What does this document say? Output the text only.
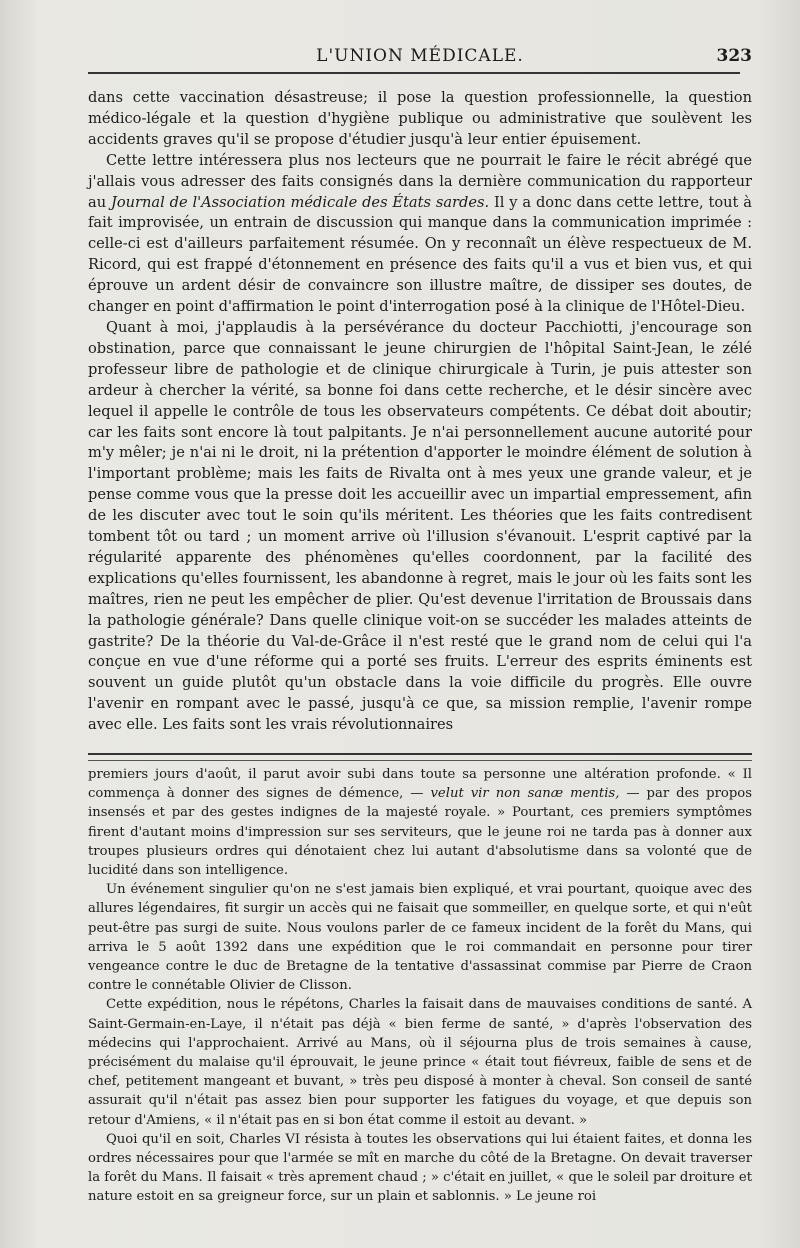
L'UNION MÉDICALE.	323

dans cette vaccination désastreuse; il pose la question professionnelle, la question médico-légale et la question d'hygiène publique ou administrative que soulèvent les accidents graves qu'il se propose d'étudier jusqu'à leur entier épuisement.

Cette lettre intéressera plus nos lecteurs que ne pourrait le faire le récit abrégé que j'allais vous adresser des faits consignés dans la dernière communication du rapporteur au Journal de l'Association médicale des États sardes. Il y a donc dans cette lettre, tout à fait improvisée, un entrain de discussion qui manque dans la communication imprimée : celle-ci est d'ailleurs parfaitement résumée. On y reconnaît un élève respectueux de M. Ricord, qui est frappé d'étonnement en présence des faits qu'il a vus et bien vus, et qui éprouve un ardent désir de convaincre son illustre maître, de dissiper ses doutes, de changer en point d'affirmation le point d'interrogation posé à la clinique de l'Hôtel-Dieu.

Quant à moi, j'applaudis à la persévérance du docteur Pacchiotti, j'encourage son obstination, parce que connaissant le jeune chirurgien de l'hôpital Saint-Jean, le zélé professeur libre de pathologie et de clinique chirurgicale à Turin, je puis attester son ardeur à chercher la vérité, sa bonne foi dans cette recherche, et le désir sincère avec lequel il appelle le contrôle de tous les observateurs compétents. Ce débat doit aboutir; car les faits sont encore là tout palpitants. Je n'ai personnellement aucune autorité pour m'y mêler; je n'ai ni le droit, ni la prétention d'apporter le moindre élément de solution à l'important problème; mais les faits de Rivalta ont à mes yeux une grande valeur, et je pense comme vous que la presse doit les accueillir avec un impartial empressement, afin de les discuter avec tout le soin qu'ils méritent. Les théories que les faits contredisent tombent tôt ou tard ; un moment arrive où l'illusion s'évanouit. L'esprit captivé par la régularité apparente des phénomènes qu'elles coordonnent, par la facilité des explications qu'elles fournissent, les abandonne à regret, mais le jour où les faits sont les maîtres, rien ne peut les empêcher de plier. Qu'est devenue l'irritation de Broussais dans la pathologie générale? Dans quelle clinique voit-on se succéder les malades atteints de gastrite? De la théorie du Val-de-Grâce il n'est resté que le grand nom de celui qui l'a conçue en vue d'une réforme qui a porté ses fruits. L'erreur des esprits éminents est souvent un guide plutôt qu'un obstacle dans la voie difficile du progrès. Elle ouvre l'avenir en rompant avec le passé, jusqu'à ce que, sa mission remplie, l'avenir rompe avec elle. Les faits sont les vrais révolutionnaires

premiers jours d'août, il parut avoir subi dans toute sa personne une altération profonde. « Il commença à donner des signes de démence, — velut vir non sanæ mentis, — par des propos insensés et par des gestes indignes de la majesté royale. » Pourtant, ces premiers symptômes firent d'autant moins d'impression sur ses serviteurs, que le jeune roi ne tarda pas à donner aux troupes plusieurs ordres qui dénotaient chez lui autant d'absolutisme dans sa volonté que de lucidité dans son intelligence.

Un événement singulier qu'on ne s'est jamais bien expliqué, et vrai pourtant, quoique avec des allures légendaires, fit surgir un accès qui ne faisait que sommeiller, en quelque sorte, et qui n'eût peut-être pas surgi de suite. Nous voulons parler de ce fameux incident de la forêt du Mans, qui arriva le 5 août 1392 dans une expédition que le roi commandait en personne pour tirer vengeance contre le duc de Bretagne de la tentative d'assassinat commise par Pierre de Craon contre le connétable Olivier de Clisson.

Cette expédition, nous le répétons, Charles la faisait dans de mauvaises conditions de santé. A Saint-Germain-en-Laye, il n'était pas déjà « bien ferme de santé, » d'après l'observation des médecins qui l'approchaient. Arrivé au Mans, où il séjourna plus de trois semaines à cause, précisément du malaise qu'il éprouvait, le jeune prince « était tout fiévreux, faible de sens et de chef, petitement mangeant et buvant, » très peu disposé à monter à cheval. Son conseil de santé assurait qu'il n'était pas assez bien pour supporter les fatigues du voyage, et que depuis son retour d'Amiens, « il n'était pas en si bon état comme il estoit au devant. »

Quoi qu'il en soit, Charles VI résista à toutes les observations qui lui étaient faites, et donna les ordres nécessaires pour que l'armée se mît en marche du côté de la Bretagne. On devait traverser la forêt du Mans. Il faisait « très aprement chaud ; » c'était en juillet, « que le soleil par droiture et nature estoit en sa greigneur force, sur un plain et sablonnis. » Le jeune roi
